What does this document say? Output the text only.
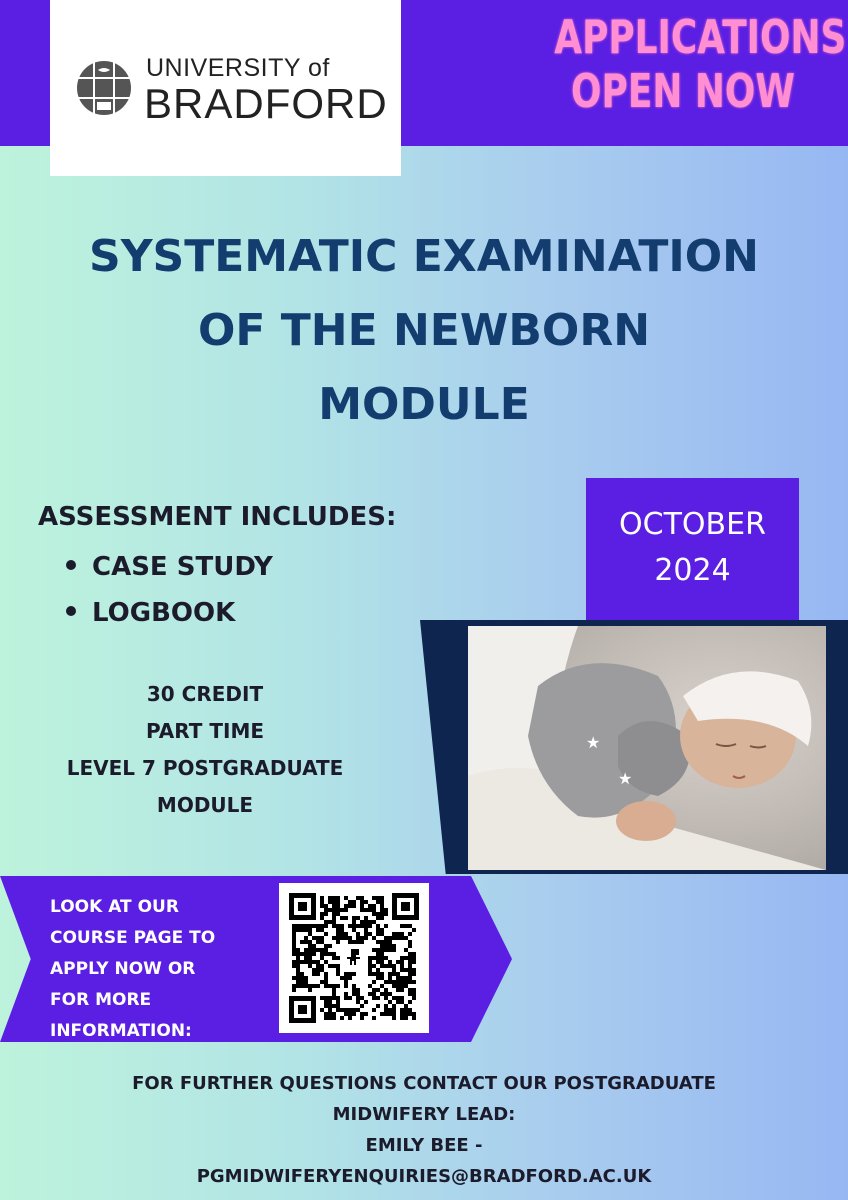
UNIVERSITY of
BRADFORD
APPLICATIONS
OPEN NOW
SYSTEMATIC EXAMINATION
OF THE NEWBORN
MODULE
ASSESSMENT INCLUDES:
CASE STUDY
LOGBOOK
30 CREDIT
PART TIME
LEVEL 7 POSTGRADUATE
MODULE
OCTOBER
2024
★
★
LOOK AT OUR
COURSE PAGE TO
APPLY NOW OR
FOR MORE
INFORMATION:
FOR FURTHER QUESTIONS CONTACT OUR POSTGRADUATE
MIDWIFERY LEAD:
EMILY BEE -
PGMIDWIFERYENQUIRIES@BRADFORD.AC.UK
